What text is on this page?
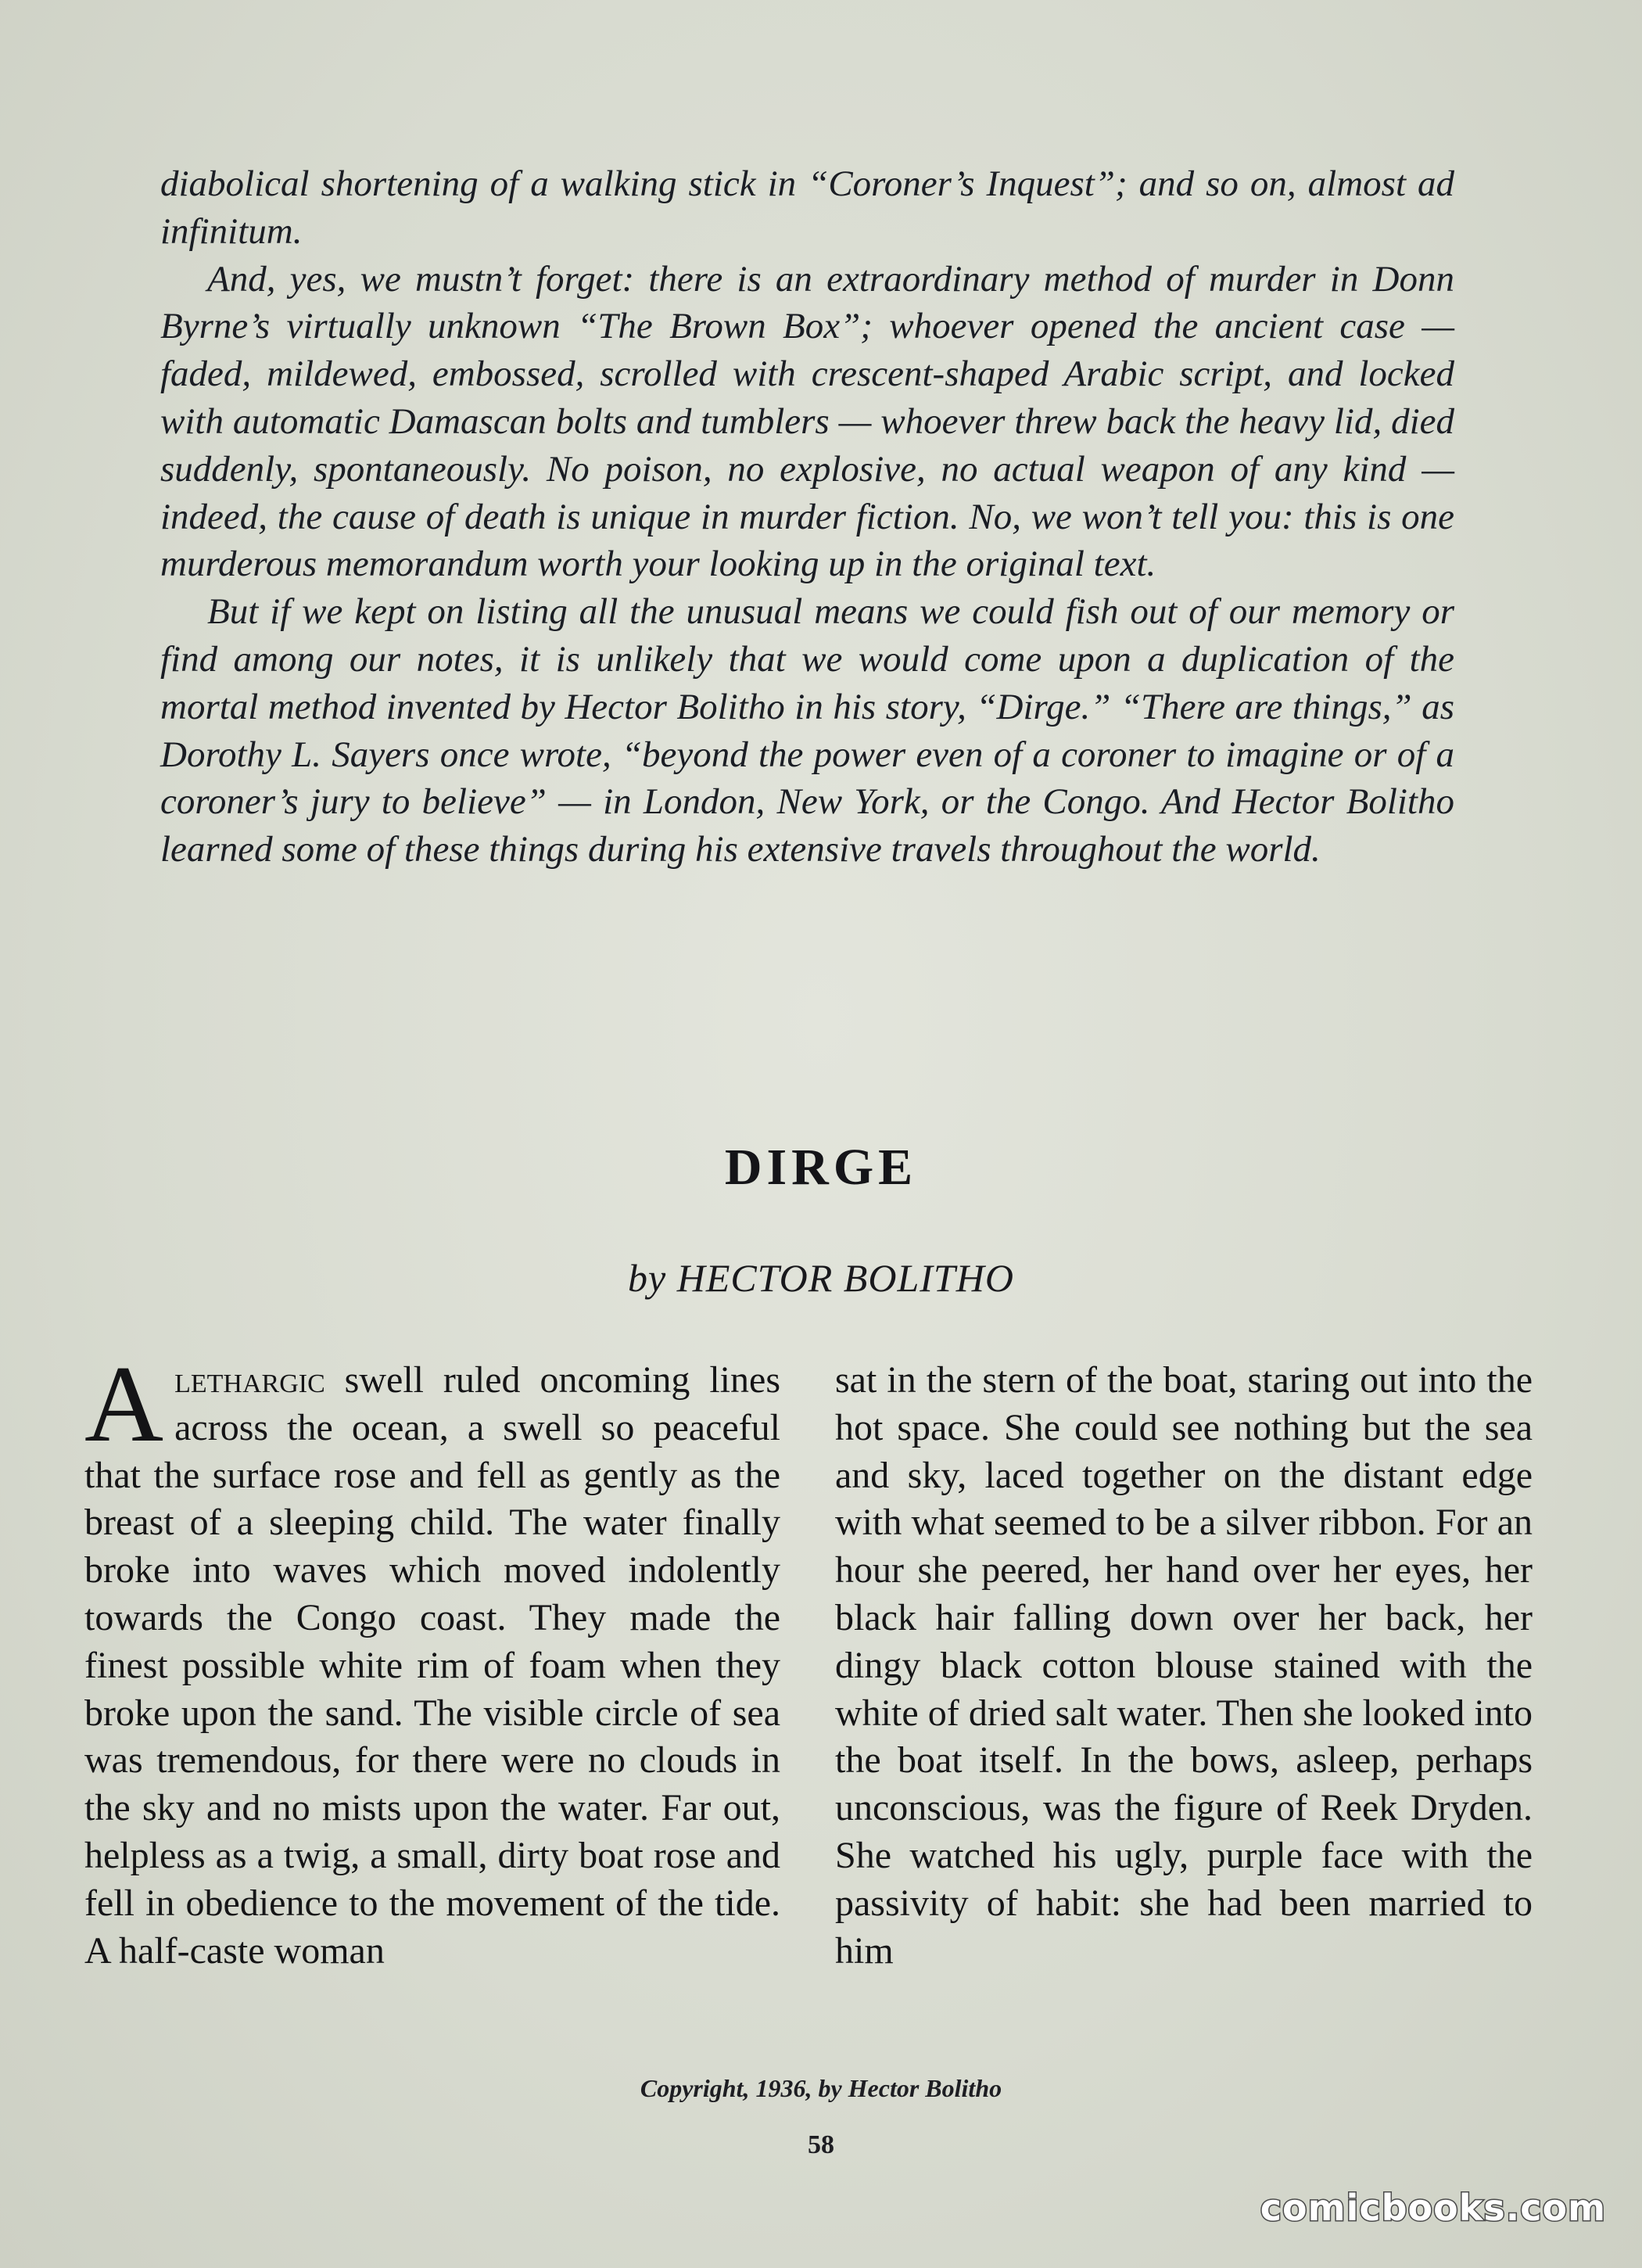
diabolical shortening of a walking stick in “Coroner’s Inquest”; and so on, almost ad infinitum.

And, yes, we mustn’t forget: there is an extraordinary method of murder in Donn Byrne’s virtually unknown “The Brown Box”; whoever opened the ancient case — faded, mildewed, embossed, scrolled with crescent-shaped Arabic script, and locked with automatic Damascan bolts and tumblers — whoever threw back the heavy lid, died suddenly, spontaneously. No poison, no explosive, no actual weapon of any kind — indeed, the cause of death is unique in murder fiction. No, we won’t tell you: this is one murderous memorandum worth your looking up in the original text.

But if we kept on listing all the unusual means we could fish out of our memory or find among our notes, it is unlikely that we would come upon a duplication of the mortal method invented by Hector Bolitho in his story, “Dirge.” “There are things,” as Dorothy L. Sayers once wrote, “beyond the power even of a coroner to imagine or of a coroner’s jury to believe” — in London, New York, or the Congo. And Hector Bolitho learned some of these things during his extensive travels throughout the world.

DIRGE
by HECTOR BOLITHO

Alethargic swell ruled oncoming lines across the ocean, a swell so peaceful that the surface rose and fell as gently as the breast of a sleeping child. The water finally broke into waves which moved indolently towards the Congo coast. They made the finest possible white rim of foam when they broke upon the sand. The visible circle of sea was tremendous, for there were no clouds in the sky and no mists upon the water. Far out, helpless as a twig, a small, dirty boat rose and fell in obedience to the movement of the tide. A half-caste woman

sat in the stern of the boat, staring out into the hot space. She could see nothing but the sea and sky, laced together on the distant edge with what seemed to be a silver ribbon. For an hour she peered, her hand over her eyes, her black hair falling down over her back, her dingy black cotton blouse stained with the white of dried salt water. Then she looked into the boat itself. In the bows, asleep, perhaps unconscious, was the figure of Reek Dryden. She watched his ugly, purple face with the passivity of habit: she had been married to him

Copyright, 1936, by Hector Bolitho
58
comicbooks.com
